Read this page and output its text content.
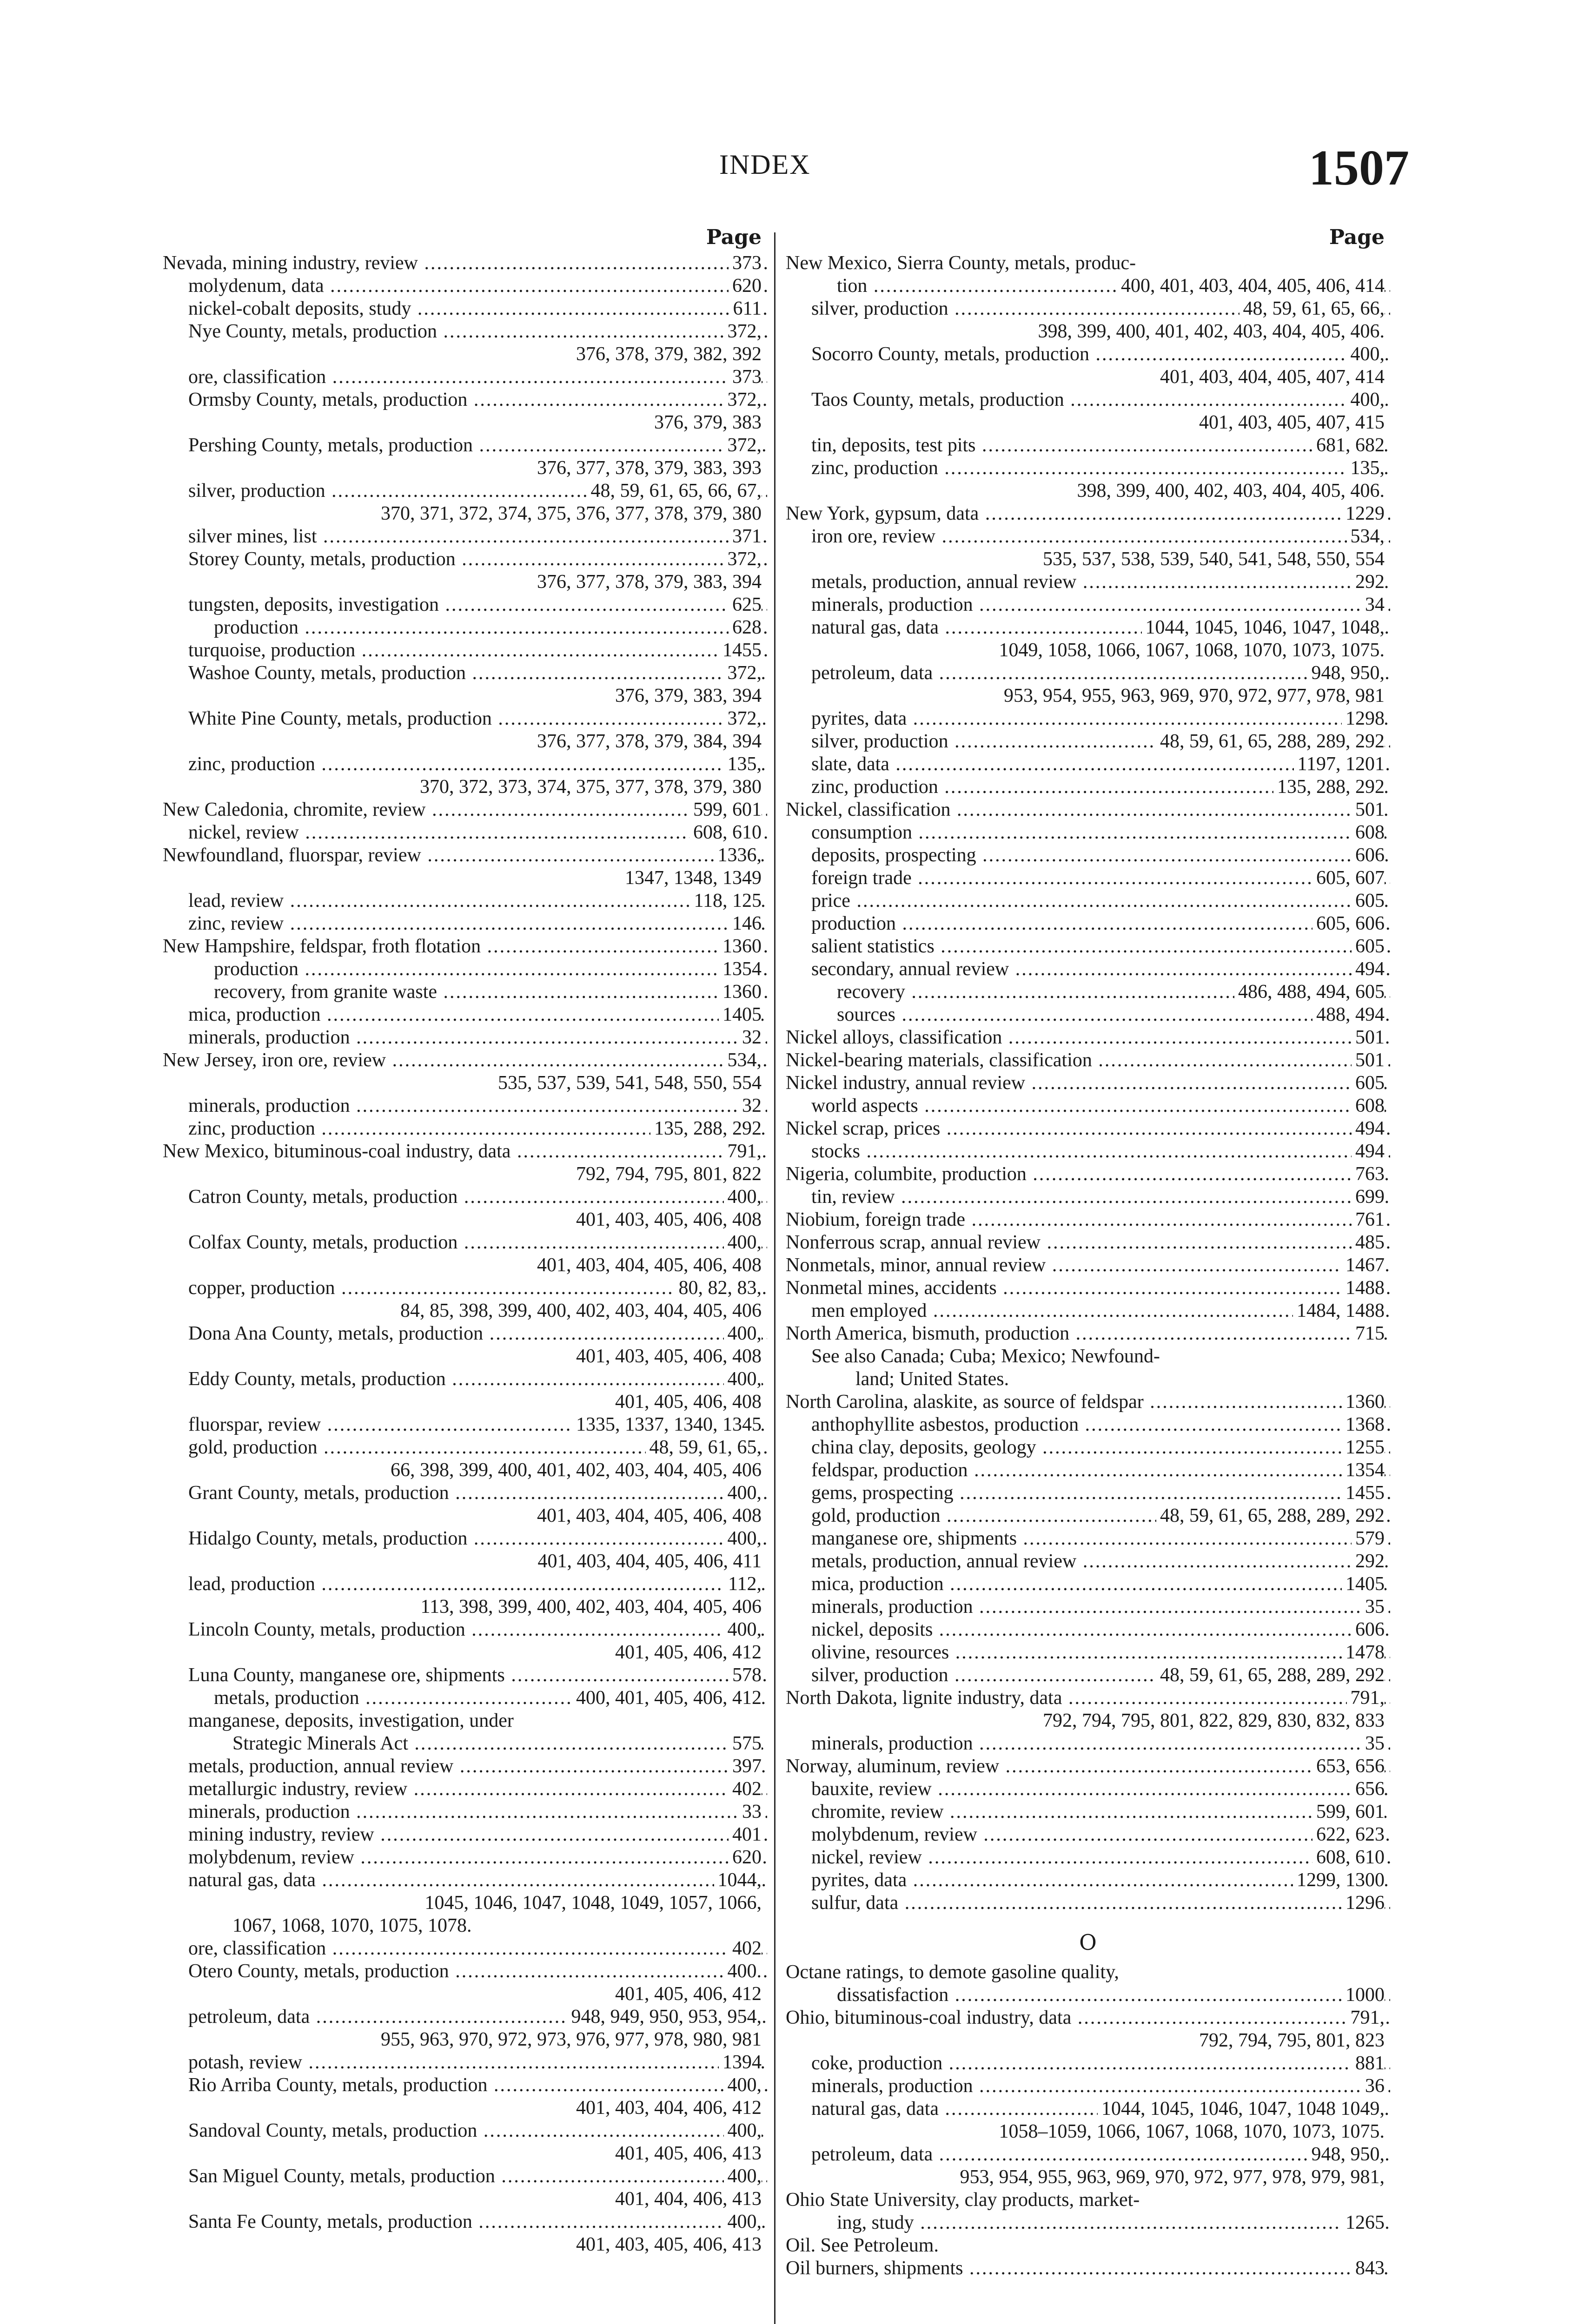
INDEX	1507
Page
Nevada, mining industry, review .....	373
molydenum, data .....	620
nickel-cobalt deposits, study .....	611
Nye County, metals, production .....	372,
376, 378, 379, 382, 392
ore, classification .....	373
Ormsby County, metals, production .....	372,
376, 379, 383
Pershing County, metals, production .....	372,
376, 377, 378, 379, 383, 393
silver, production .....	48, 59, 61, 65, 66, 67,
370, 371, 372, 374, 375, 376, 377, 378, 379, 380
silver mines, list .....	371
Storey County, metals, production .....	372,
376, 377, 378, 379, 383, 394
tungsten, deposits, investigation .....	625
production .....	628
turquoise, production .....	1455
Washoe County, metals, production .....	372,
376, 379, 383, 394
White Pine County, metals, production .....	372,
376, 377, 378, 379, 384, 394
zinc, production .....	135,
370, 372, 373, 374, 375, 377, 378, 379, 380
New Caledonia, chromite, review .....	599, 601
nickel, review .....	608, 610
Newfoundland, fluorspar, review .....	1336,
1347, 1348, 1349
lead, review .....	118, 125
zinc, review .....	146
New Hampshire, feldspar, froth flotation .....	1360
production .....	1354
recovery, from granite waste .....	1360
mica, production .....	1405
minerals, production .....	32
New Jersey, iron ore, review .....	534,
535, 537, 539, 541, 548, 550, 554
minerals, production .....	32
zinc, production .....	135, 288, 292
New Mexico, bituminous-coal industry, data .....	791,
792, 794, 795, 801, 822
Catron County, metals, production .....	400,
401, 403, 405, 406, 408
Colfax County, metals, production .....	400,
401, 403, 404, 405, 406, 408
copper, production .....	80, 82, 83,
84, 85, 398, 399, 400, 402, 403, 404, 405, 406
Dona Ana County, metals, production .....	400,
401, 403, 405, 406, 408
Eddy County, metals, production .....	400,
401, 405, 406, 408
fluorspar, review .....	1335, 1337, 1340, 1345
gold, production .....	48, 59, 61, 65,
66, 398, 399, 400, 401, 402, 403, 404, 405, 406
Grant County, metals, production .....	400,
401, 403, 404, 405, 406, 408
Hidalgo County, metals, production .....	400,
401, 403, 404, 405, 406, 411
lead, production .....	112,
113, 398, 399, 400, 402, 403, 404, 405, 406
Lincoln County, metals, production .....	400,
401, 405, 406, 412
Luna County, manganese ore, shipments .....	578
metals, production .....	400, 401, 405, 406, 412
manganese, deposits, investigation, under
Strategic Minerals Act .....	575
metals, production, annual review .....	397
metallurgic industry, review .....	402
minerals, production .....	33
mining industry, review .....	401
molybdenum, review .....	620
natural gas, data .....	1044,
1045, 1046, 1047, 1048, 1049, 1057, 1066,
1067, 1068, 1070, 1075, 1078.
ore, classification .....	402
Otero County, metals, production .....	400.
401, 405, 406, 412
petroleum, data .....	948, 949, 950, 953, 954,
955, 963, 970, 972, 973, 976, 977, 978, 980, 981
potash, review .....	1394
Rio Arriba County, metals, production .....	400,
401, 403, 404, 406, 412
Sandoval County, metals, production .....	400,
401, 405, 406, 413
San Miguel County, metals, production .....	400,
401, 404, 406, 413
Santa Fe County, metals, production .....	400,
401, 403, 405, 406, 413
Page
New Mexico, Sierra County, metals, produc-
tion .....	400, 401, 403, 404, 405, 406, 414
silver, production .....	48, 59, 61, 65, 66,
398, 399, 400, 401, 402, 403, 404, 405, 406.
Socorro County, metals, production .....	400,
401, 403, 404, 405, 407, 414
Taos County, metals, production .....	400,
401, 403, 405, 407, 415
tin, deposits, test pits .....	681, 682
zinc, production .....	135,
398, 399, 400, 402, 403, 404, 405, 406.
New York, gypsum, data .....	1229
iron ore, review .....	534,
535, 537, 538, 539, 540, 541, 548, 550, 554
metals, production, annual review .....	292
minerals, production .....	34
natural gas, data .....	1044, 1045, 1046, 1047, 1048,
1049, 1058, 1066, 1067, 1068, 1070, 1073, 1075.
petroleum, data .....	948, 950,
953, 954, 955, 963, 969, 970, 972, 977, 978, 981
pyrites, data .....	1298
silver, production .....	48, 59, 61, 65, 288, 289, 292
slate, data .....	1197, 1201
zinc, production .....	135, 288, 292
Nickel, classification .....	501
consumption .....	608
deposits, prospecting .....	606
foreign trade .....	605, 607
price .....	605
production .....	605, 606
salient statistics .....	605
secondary, annual review .....	494
recovery .....	486, 488, 494, 605
sources .....	488, 494
Nickel alloys, classification .....	501
Nickel-bearing materials, classification .....	501
Nickel industry, annual review .....	605
world aspects .....	608
Nickel scrap, prices .....	494
stocks .....	494
Nigeria, columbite, production .....	763
tin, review .....	699
Niobium, foreign trade .....	761
Nonferrous scrap, annual review .....	485
Nonmetals, minor, annual review .....	1467
Nonmetal mines, accidents .....	1488
men employed .....	1484, 1488
North America, bismuth, production .....	715
See also Canada; Cuba; Mexico; Newfound-
land; United States.
North Carolina, alaskite, as source of feldspar .....	1360
anthophyllite asbestos, production .....	1368
china clay, deposits, geology .....	1255
feldspar, production .....	1354
gems, prospecting .....	1455
gold, production .....	48, 59, 61, 65, 288, 289, 292
manganese ore, shipments .....	579
metals, production, annual review .....	292
mica, production .....	1405
minerals, production .....	35
nickel, deposits .....	606
olivine, resources .....	1478
silver, production .....	48, 59, 61, 65, 288, 289, 292
North Dakota, lignite industry, data .....	791,
792, 794, 795, 801, 822, 829, 830, 832, 833
minerals, production .....	35
Norway, aluminum, review .....	653, 656
bauxite, review .....	656
chromite, review .....	599, 601
molybdenum, review .....	622, 623
nickel, review .....	608, 610
pyrites, data .....	1299, 1300
sulfur, data .....	1296
O
Octane ratings, to demote gasoline quality,
dissatisfaction .....	1000
Ohio, bituminous-coal industry, data .....	791,
792, 794, 795, 801, 823
coke, production .....	881
minerals, production .....	36
natural gas, data .....	1044, 1045, 1046, 1047, 1048 1049,
1058–1059, 1066, 1067, 1068, 1070, 1073, 1075.
petroleum, data .....	948, 950,
953, 954, 955, 963, 969, 970, 972, 977, 978, 979, 981,
Ohio State University, clay products, market-
ing, study .....	1265
Oil. See Petroleum.
Oil burners, shipments .....	843
